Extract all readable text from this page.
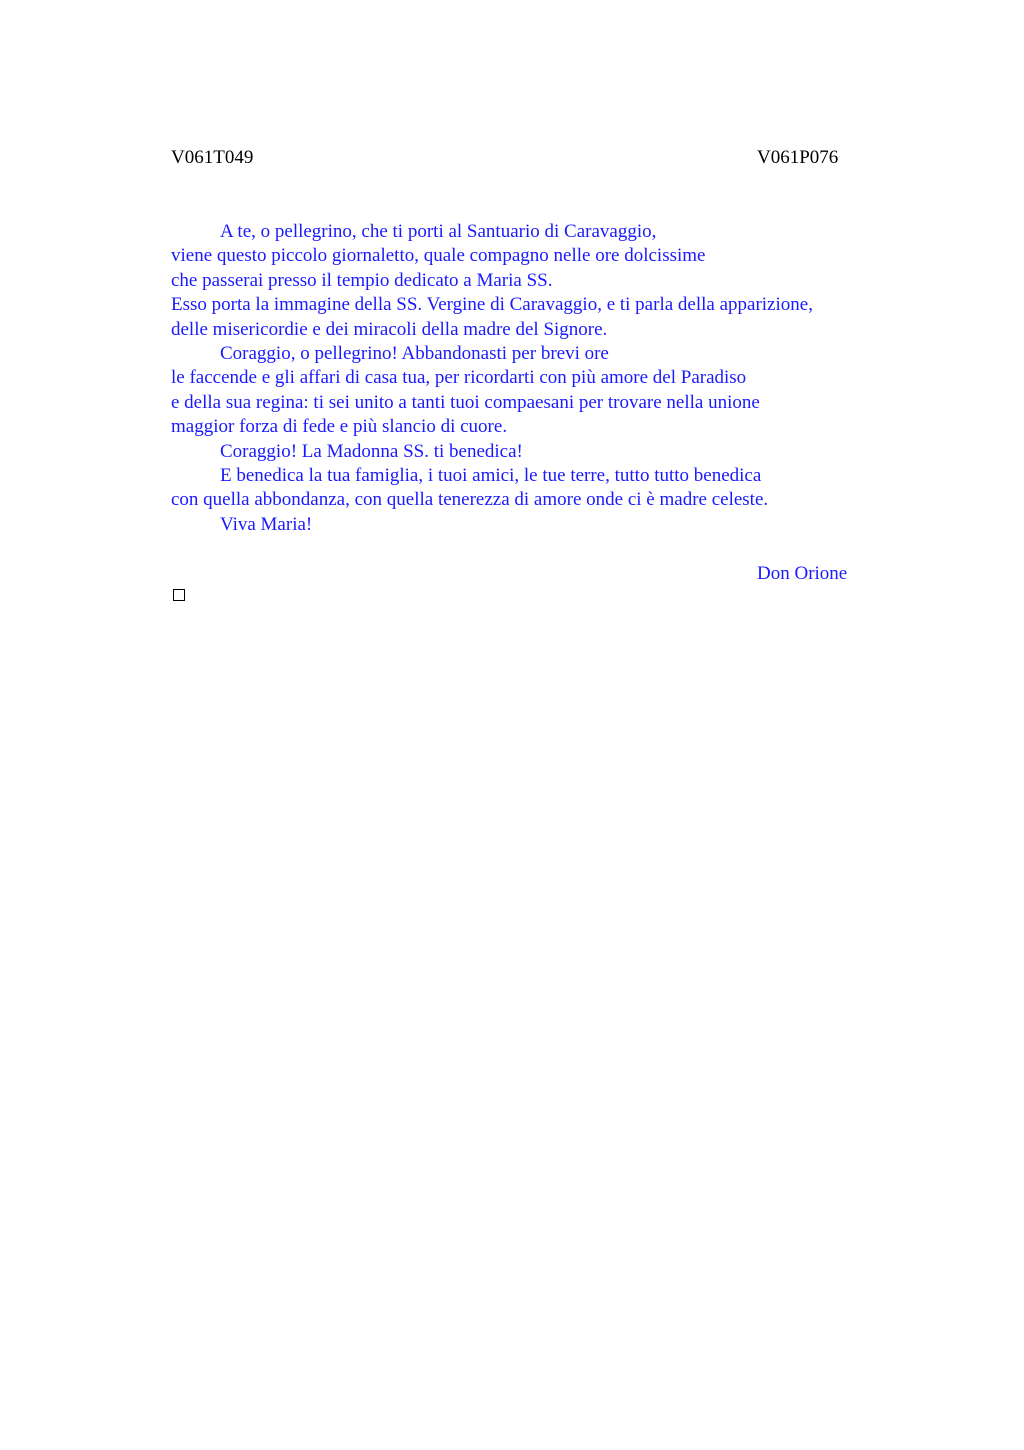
V061T049	V061P076
A te, o pellegrino, che ti porti al Santuario di Caravaggio,
viene questo piccolo giornaletto, quale compagno nelle ore dolcissime
che passerai presso il tempio dedicato a Maria SS.
Esso porta la immagine della SS. Vergine di Caravaggio, e ti parla della apparizione,
delle misericordie e dei miracoli della madre del Signore.
Coraggio, o pellegrino! Abbandonasti per brevi ore
le faccende e gli affari di casa tua, per ricordarti con più amore del Paradiso
e della sua regina: ti sei unito a tanti tuoi compaesani per trovare nella unione
maggior forza di fede e più slancio di cuore.
Coraggio! La Madonna SS. ti benedica!
E benedica la tua famiglia, i tuoi amici, le tue terre, tutto tutto benedica
con quella abbondanza, con quella tenerezza di amore onde ci è madre celeste.
Viva Maria!
Don Orione
